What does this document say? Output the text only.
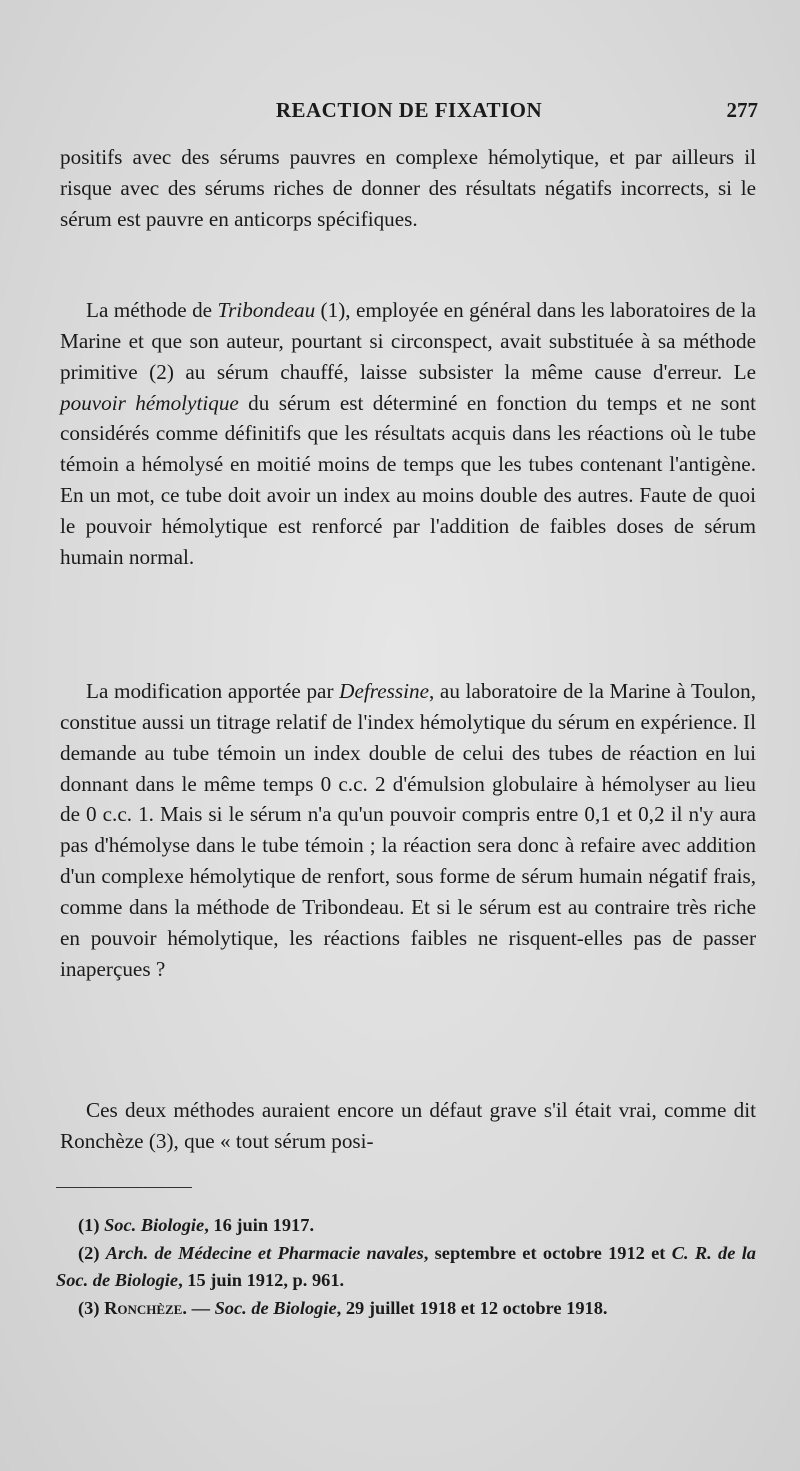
REACTION DE FIXATION	277

positifs avec des sérums pauvres en complexe hémolytique, et par ailleurs il risque avec des sérums riches de donner des résultats négatifs incorrects, si le sérum est pauvre en anticorps spécifiques.

La méthode de Tribondeau (1), employée en général dans les laboratoires de la Marine et que son auteur, pourtant si circonspect, avait substituée à sa méthode primitive (2) au sérum chauffé, laisse subsister la même cause d'erreur. Le pouvoir hémolytique du sérum est déterminé en fonction du temps et ne sont considérés comme définitifs que les résultats acquis dans les réactions où le tube témoin a hémolysé en moitié moins de temps que les tubes contenant l'antigène. En un mot, ce tube doit avoir un index au moins double des autres. Faute de quoi le pouvoir hémolytique est renforcé par l'addition de faibles doses de sérum humain normal.

La modification apportée par Defressine, au laboratoire de la Marine à Toulon, constitue aussi un titrage relatif de l'index hémolytique du sérum en expérience. Il demande au tube témoin un index double de celui des tubes de réaction en lui donnant dans le même temps 0 c.c. 2 d'émulsion globulaire à hémolyser au lieu de 0 c.c. 1. Mais si le sérum n'a qu'un pouvoir compris entre 0,1 et 0,2 il n'y aura pas d'hémolyse dans le tube témoin ; la réaction sera donc à refaire avec addition d'un complexe hémolytique de renfort, sous forme de sérum humain négatif frais, comme dans la méthode de Tribondeau. Et si le sérum est au contraire très riche en pouvoir hémolytique, les réactions faibles ne risquent-elles pas de passer inaperçues ?

Ces deux méthodes auraient encore un défaut grave s'il était vrai, comme dit Ronchèze (3), que « tout sérum posi-

(1) Soc. Biologie, 16 juin 1917.

(2) Arch. de Médecine et Pharmacie navales, septembre et octobre 1912 et C. R. de la Soc. de Biologie, 15 juin 1912, p. 961.

(3) Ronchèze. — Soc. de Biologie, 29 juillet 1918 et 12 octobre 1918.
